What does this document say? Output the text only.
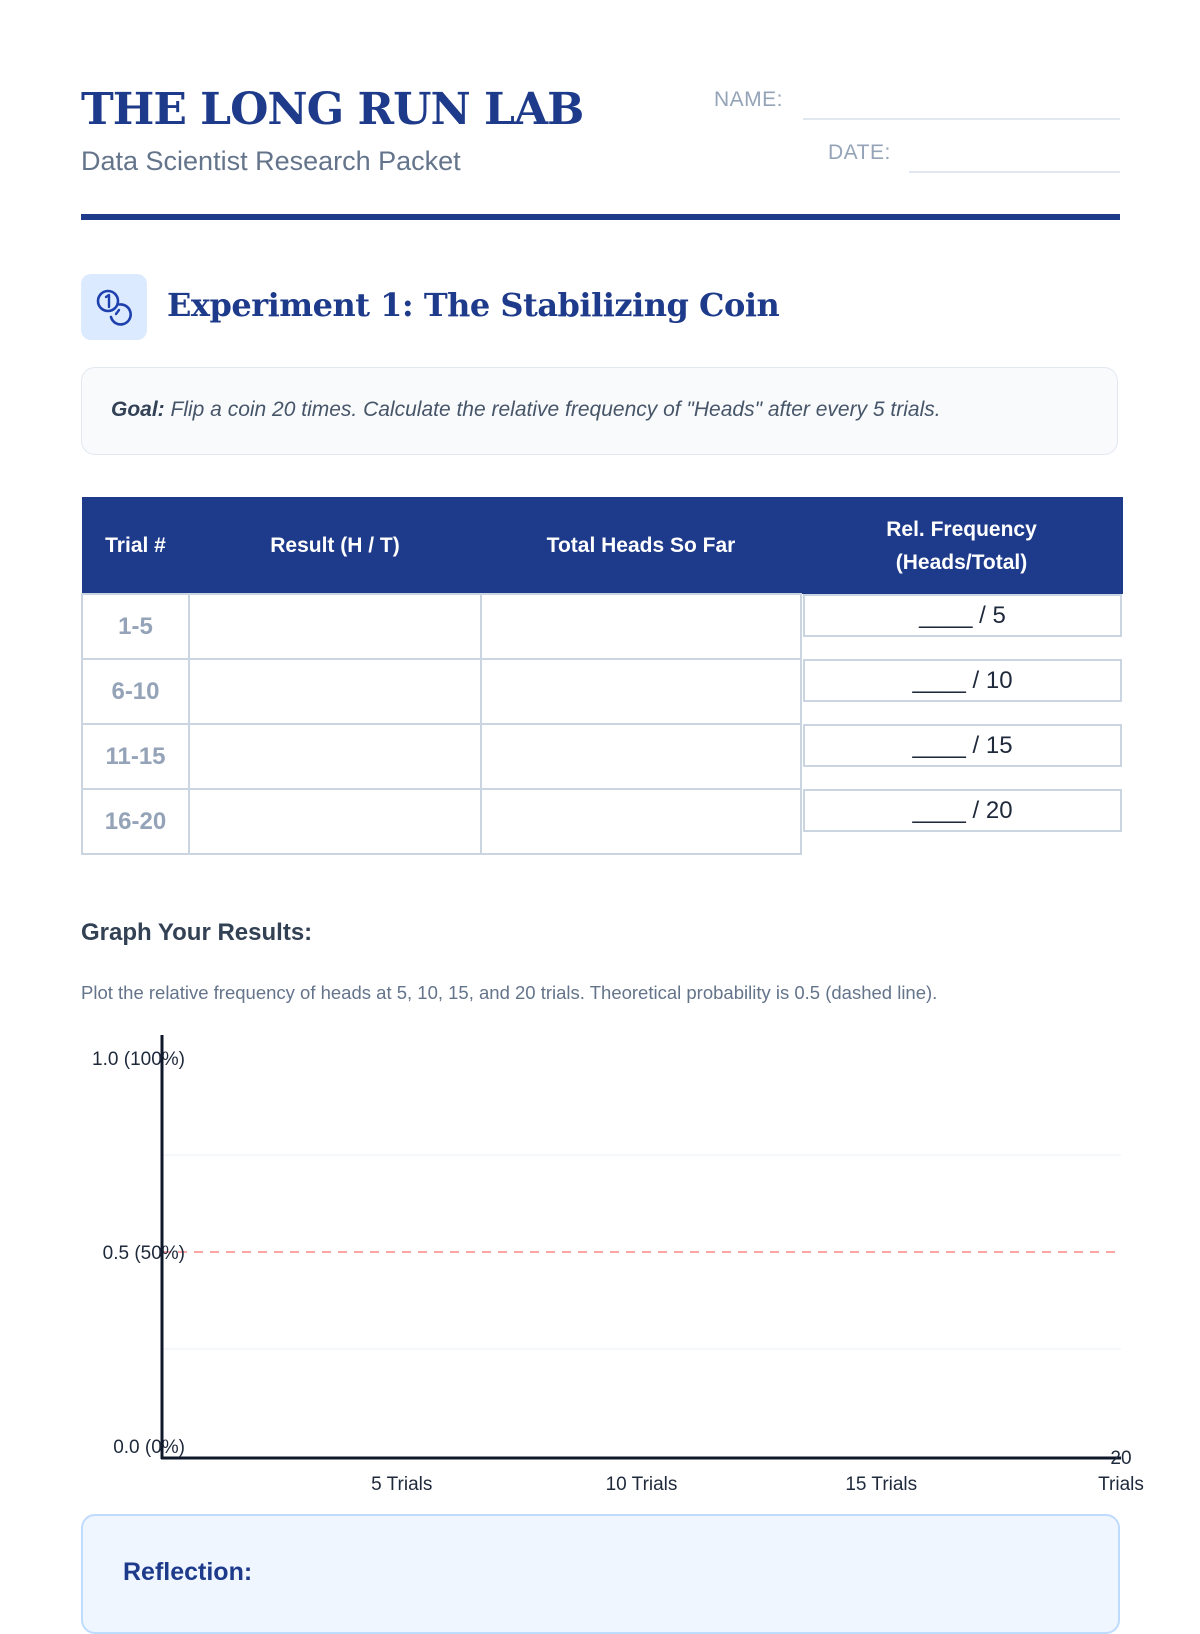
THE LONG RUN LAB
Data Scientist Research Packet
NAME:
DATE:
Experiment 1: The Stabilizing Coin
Goal: Flip a coin 20 times. Calculate the relative frequency of "Heads" after every 5 trials.
Trial #	Result (H / T)	Total Heads So Far	Rel. Frequency
(Heads/Total)
1-5			____ / 5

6-10			____ / 10

11-15			____ / 15

16-20			____ / 20
Graph Your Results:
Plot the relative frequency of heads at 5, 10, 15, and 20 trials. Theoretical probability is 0.5 (dashed line).
1.0 (100%)
0.5 (50%)
0.0 (0%)
5 Trials	10 Trials	15 Trials
20
Trials
Reflection:
